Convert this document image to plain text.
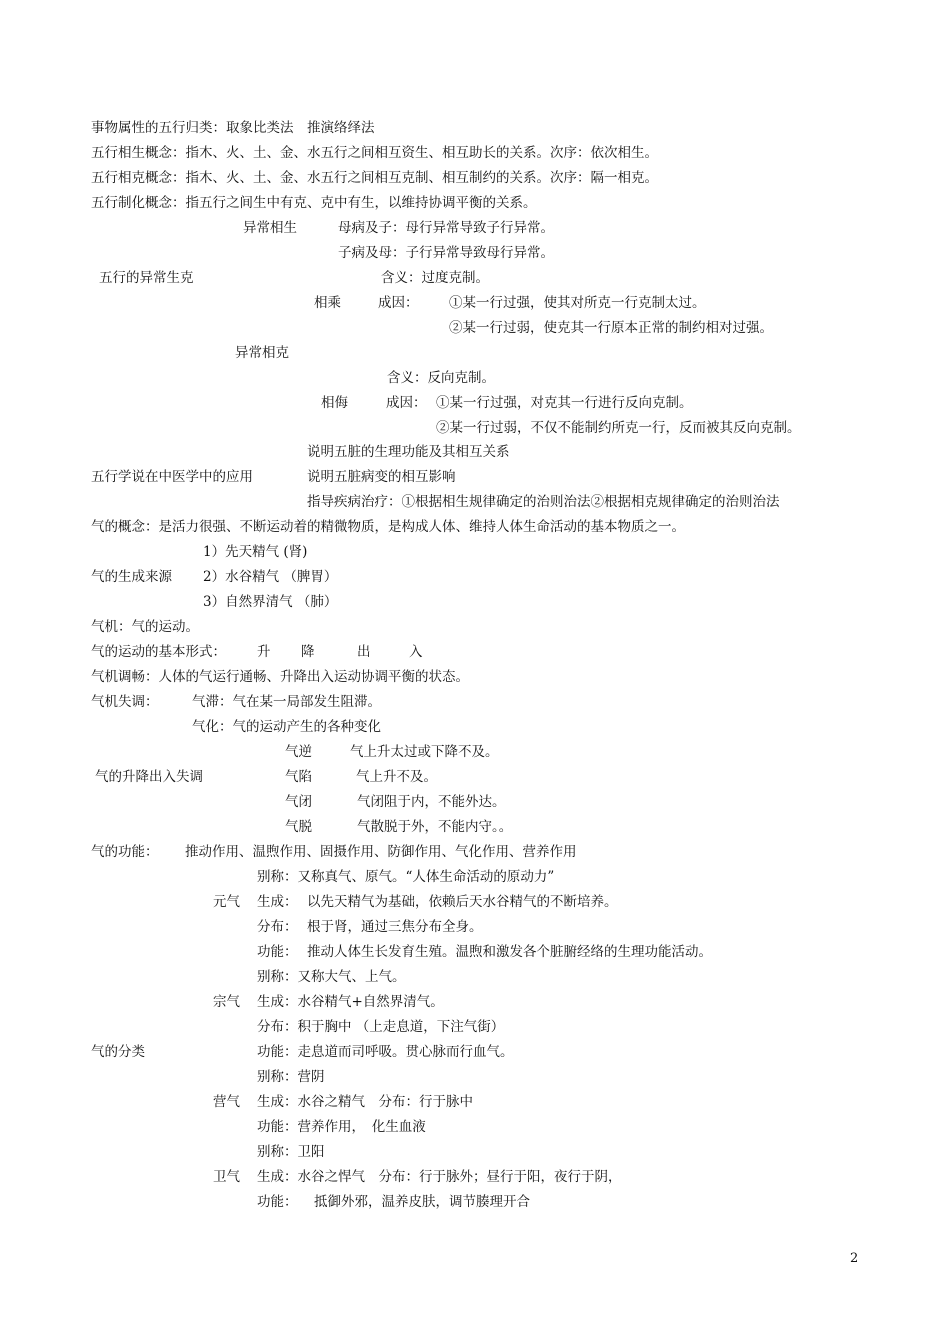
事物属性的五行归类：取象比类法　推演络绎法
五行相生概念：指木、火、土、金、水五行之间相互资生、相互助长的关系。次序：依次相生。
五行相克概念：指木、火、土、金、水五行之间相互克制、相互制约的关系。次序：隔一相克。
五行制化概念：指五行之间生中有克、克中有生，以维持协调平衡的关系。
异常相生	母病及子：母行异常导致子行异常。
子病及母：子行异常导致母行异常。
五行的异常生克	含义：过度克制。
相乘	成因： ①某一行过强，使其对所克一行克制太过。
②某一行过弱，使克其一行原本正常的制约相对过强。
异常相克
含义：反向克制。
相侮	成因： ①某一行过强，对克其一行进行反向克制。
②某一行过弱，不仅不能制约所克一行，反而被其反向克制。
说明五脏的生理功能及其相互关系
五行学说在中医学中的应用	说明五脏病变的相互影响
指导疾病治疗：①根据相生规律确定的治则治法②根据相克规律确定的治则治法
气的概念：是活力很强、不断运动着的精微物质，是构成人体、维持人体生命活动的基本物质之一。
1）先天精气 (肾)
气的生成来源 2）水谷精气 （脾胃）
3）自然界清气 （肺）
气机：气的运动。
气的运动的基本形式： 升 降	出	入
气机调畅：人体的气运行通畅、升降出入运动协调平衡的状态。
气机失调： 气滞：气在某一局部发生阻滞。
气化：气的运动产生的各种变化
气逆	气上升太过或下降不及。
气的升降出入失调	气陷	气上升不及。
气闭	气闭阻于内，不能外达。
气脱	气散脱于外，不能内守。。
气的功能： 推动作用、温煦作用、固摄作用、防御作用、气化作用、营养作用
别称：又称真气、原气。“人体生命活动的原动力”
元气 生成： 以先天精气为基础，依赖后天水谷精气的不断培养。
分布： 根于肾，通过三焦分布全身。
功能： 推动人体生长发育生殖。温煦和激发各个脏腑经络的生理功能活动。
别称：又称大气、上气。
宗气 生成：水谷精气+自然界清气。
分布：积于胸中 （上走息道，下注气街）
气的分类	功能：走息道而司呼吸。贯心脉而行血气。
别称：营阴
营气 生成：水谷之精气　分布：行于脉中
功能：营养作用，　化生血液
别称：卫阳
卫气 生成：水谷之悍气　分布：行于脉外；昼行于阳，夜行于阴，
功能： 抵御外邪，温养皮肤，调节腠理开合
2
